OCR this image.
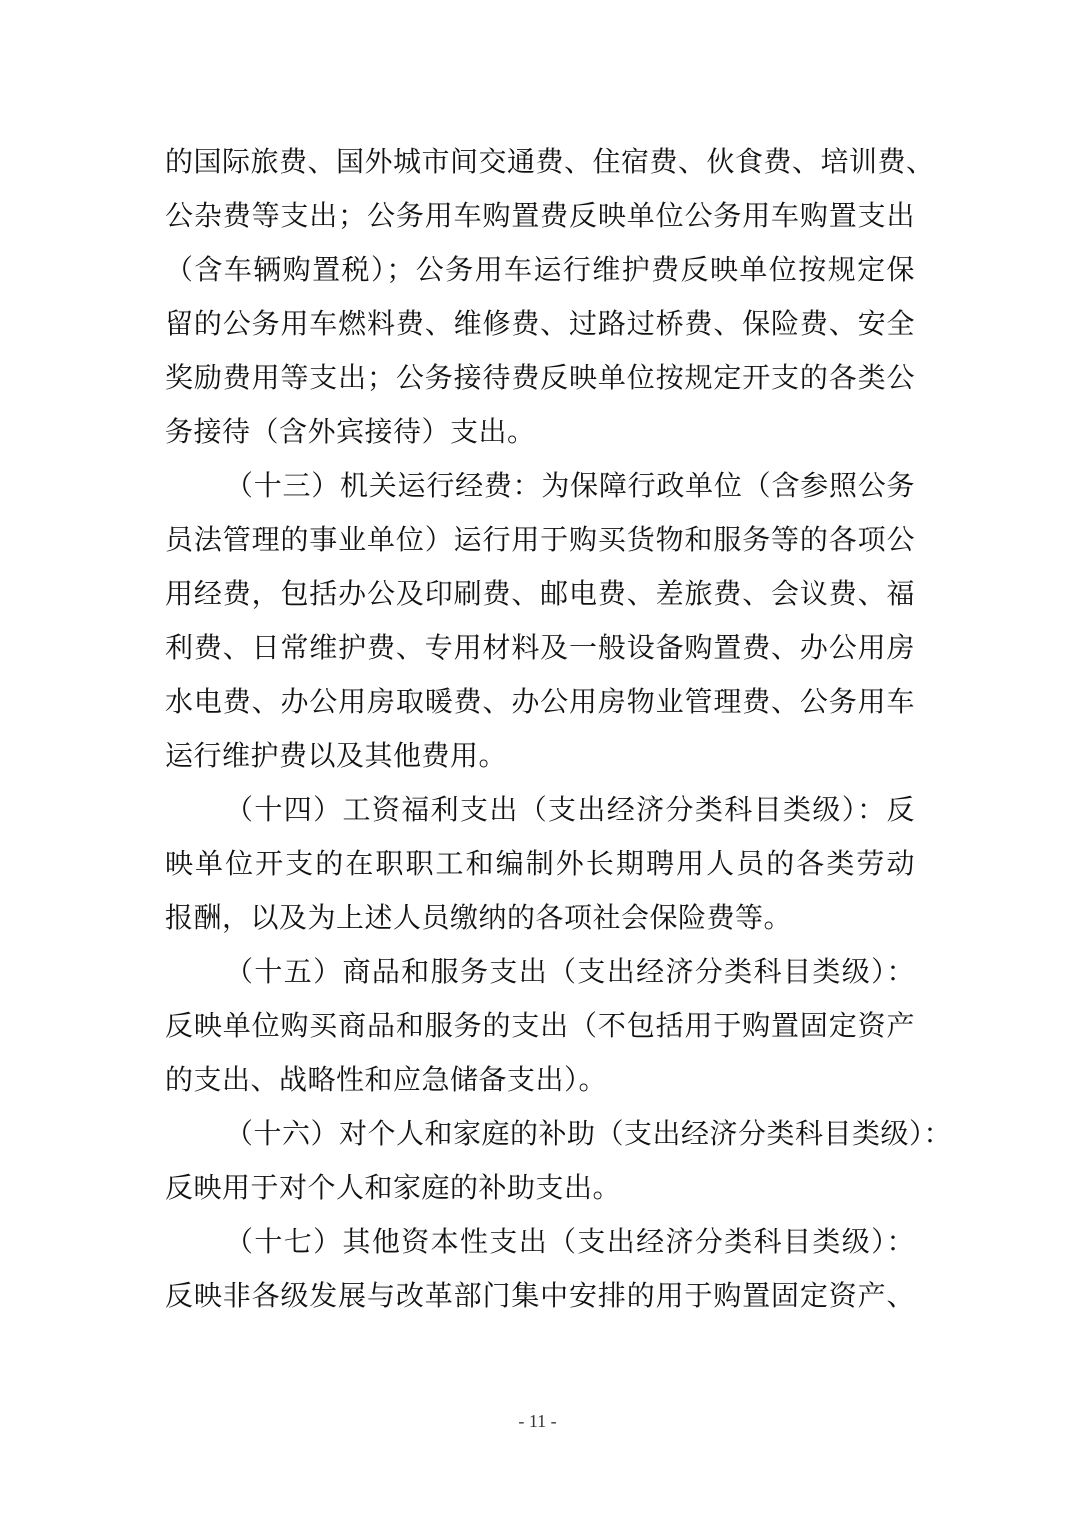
的国际旅费、国外城市间交通费、住宿费、伙食费、培训费、
公杂费等支出；公务用车购置费反映单位公务用车购置支出
（含车辆购置税）；公务用车运行维护费反映单位按规定保
留的公务用车燃料费、维修费、过路过桥费、保险费、安全
奖励费用等支出；公务接待费反映单位按规定开支的各类公
务接待（含外宾接待）支出。
（十三）机关运行经费：为保障行政单位（含参照公务
员法管理的事业单位）运行用于购买货物和服务等的各项公
用经费，包括办公及印刷费、邮电费、差旅费、会议费、福
利费、日常维护费、专用材料及一般设备购置费、办公用房
水电费、办公用房取暖费、办公用房物业管理费、公务用车
运行维护费以及其他费用。
（十四）工资福利支出（支出经济分类科目类级）：反
映单位开支的在职职工和编制外长期聘用人员的各类劳动
报酬，以及为上述人员缴纳的各项社会保险费等。
（十五）商品和服务支出（支出经济分类科目类级）：
反映单位购买商品和服务的支出（不包括用于购置固定资产
的支出、战略性和应急储备支出）。
（十六）对个人和家庭的补助（支出经济分类科目类级）：
反映用于对个人和家庭的补助支出。
（十七）其他资本性支出（支出经济分类科目类级）：
反映非各级发展与改革部门集中安排的用于购置固定资产、
- 11 -
